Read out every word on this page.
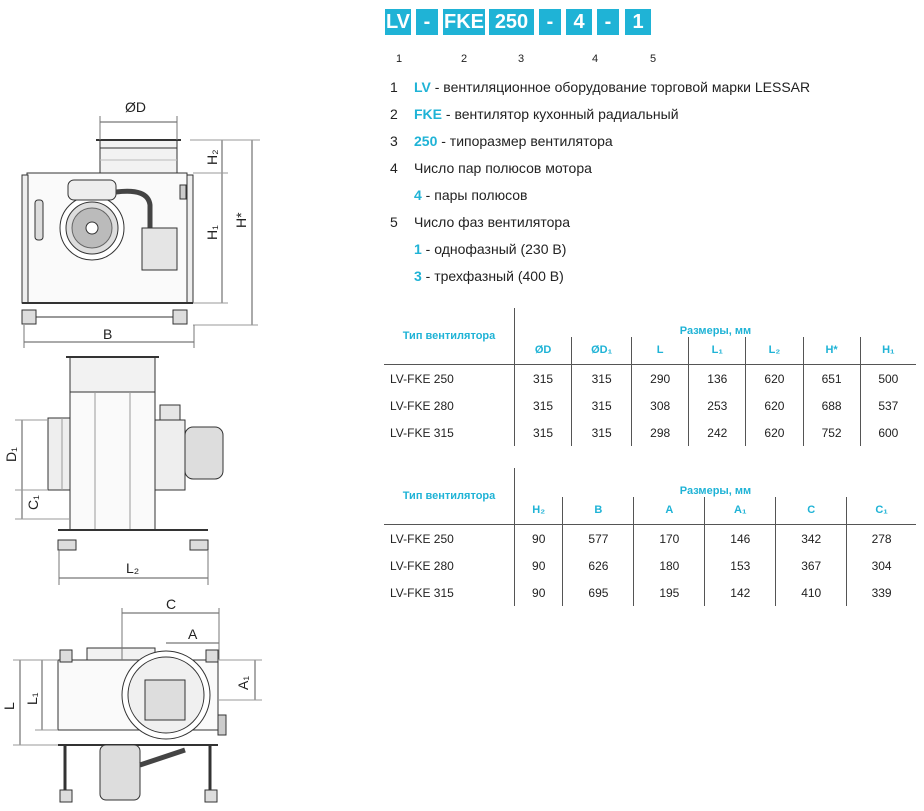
ØD
H₂
H₁
H*
B
D₁
C₁
L₂
C
A
A₁
L
L₁
LV - FKE 250 -	4	-	1
1	2	3	4	5
1 LV - вентиляционное оборудование торговой марки LESSAR
2 FKE - вентилятор кухонный радиальный
3 250 - типоразмер вентилятора
4 Число пар полюсов мотора
4 - пары полюсов
5 Число фаз вентилятора
1 - однофазный (230 В)
3 - трехфазный (400 В)
Тип вентилятора	Размеры, мм						
	ØD	ØD₁	L	L₁	L₂	H*	H₁
LV-FKE 250	315	315	290	136	620	651	500
LV-FKE 280	315	315	308	253	620	688	537
LV-FKE 315	315	315	298	242	620	752	600
Тип вентилятора	Размеры, мм					
	H₂	B	A	A₁	C	C₁
LV-FKE 250	90	577	170	146	342	278
LV-FKE 280	90	626	180	153	367	304
LV-FKE 315	90	695	195	142	410	339
